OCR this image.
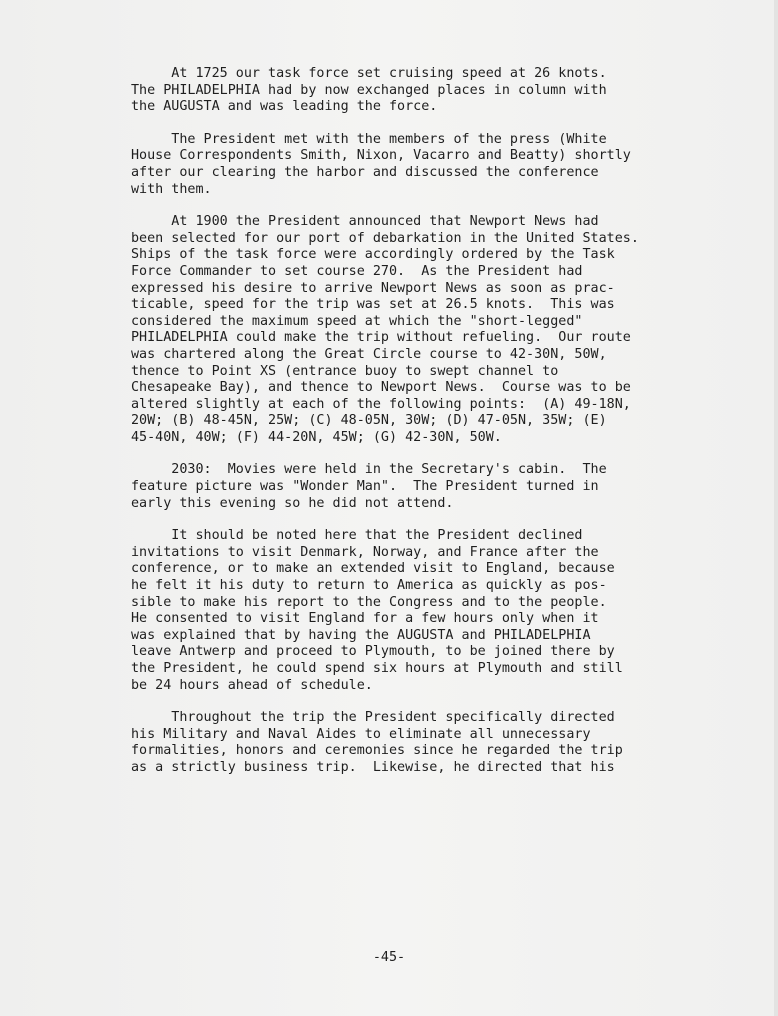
At 1725 our task force set cruising speed at 26 knots.
The PHILADELPHIA had by now exchanged places in column with
the AUGUSTA and was leading the force.

The President met with the members of the press (White
House Correspondents Smith, Nixon, Vacarro and Beatty) shortly
after our clearing the harbor and discussed the conference
with them.

At 1900 the President announced that Newport News had
been selected for our port of debarkation in the United States.
Ships of the task force were accordingly ordered by the Task
Force Commander to set course 270.  As the President had
expressed his desire to arrive Newport News as soon as prac-
ticable, speed for the trip was set at 26.5 knots.  This was
considered the maximum speed at which the "short-legged"
PHILADELPHIA could make the trip without refueling.  Our route
was chartered along the Great Circle course to 42-30N, 50W,
thence to Point XS (entrance buoy to swept channel to
Chesapeake Bay), and thence to Newport News.  Course was to be
altered slightly at each of the following points:  (A) 49-18N,
20W; (B) 48-45N, 25W; (C) 48-05N, 30W; (D) 47-05N, 35W; (E)
45-40N, 40W; (F) 44-20N, 45W; (G) 42-30N, 50W.

2030:  Movies were held in the Secretary's cabin.  The
feature picture was "Wonder Man".  The President turned in
early this evening so he did not attend.

It should be noted here that the President declined
invitations to visit Denmark, Norway, and France after the
conference, or to make an extended visit to England, because
he felt it his duty to return to America as quickly as pos-
sible to make his report to the Congress and to the people.
He consented to visit England for a few hours only when it
was explained that by having the AUGUSTA and PHILADELPHIA
leave Antwerp and proceed to Plymouth, to be joined there by
the President, he could spend six hours at Plymouth and still
be 24 hours ahead of schedule.

Throughout the trip the President specifically directed
his Military and Naval Aides to eliminate all unnecessary
formalities, honors and ceremonies since he regarded the trip
as a strictly business trip.  Likewise, he directed that his

-45-
